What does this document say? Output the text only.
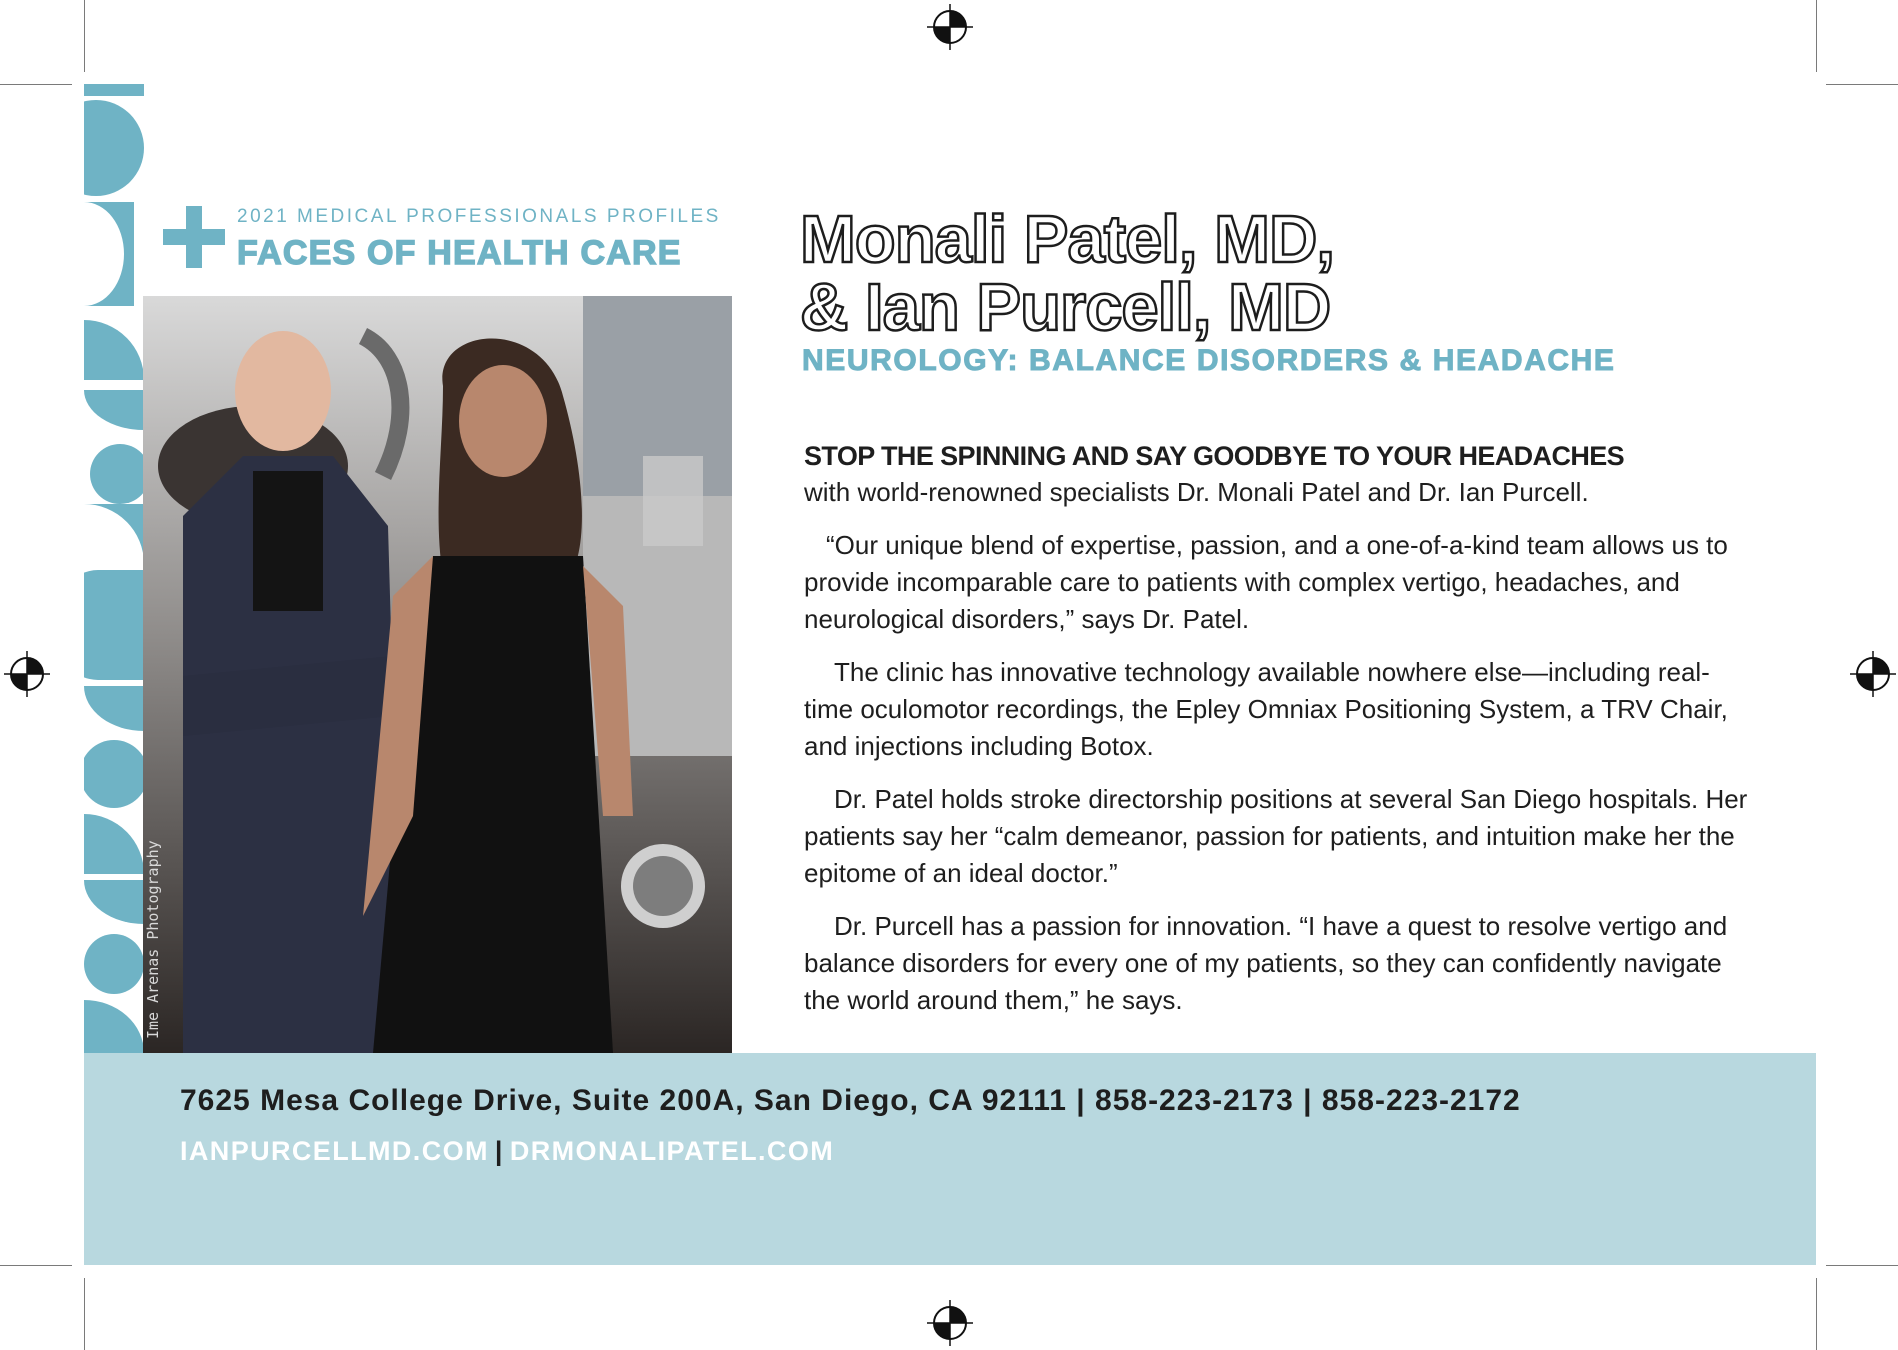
2021 MEDICAL PROFESSIONALS PROFILES
FACES OF HEALTH CARE
Ime Arenas Photography
Monali Patel, MD,
& Ian Purcell, MD
NEUROLOGY: BALANCE DISORDERS & HEADACHE

STOP THE SPINNING AND SAY GOODBYE TO YOUR HEADACHES
with world-renowned specialists Dr. Monali Patel and Dr. Ian Purcell.

“Our unique blend of expertise, passion, and a one-of-a-kind team allows us to provide incomparable care to patients with complex vertigo, headaches, and neurological disorders,” says Dr. Patel.

The clinic has innovative technology available nowhere else—including real-time oculomotor recordings, the Epley Omniax Positioning System, a TRV Chair, and injections including Botox.

Dr. Patel holds stroke directorship positions at several San Diego hospitals. Her patients say her “calm demeanor, passion for patients, and intuition make her the epitome of an ideal doctor.”

Dr. Purcell has a passion for innovation. “I have a quest to resolve vertigo and balance disorders for every one of my patients, so they can confidently navigate the world around them,” he says.

7625 Mesa College Drive, Suite 200A, San Diego, CA 92111 | 858-223-2173 | 858-223-2172
IANPURCELLMD.COM | DRMONALIPATEL.COM
